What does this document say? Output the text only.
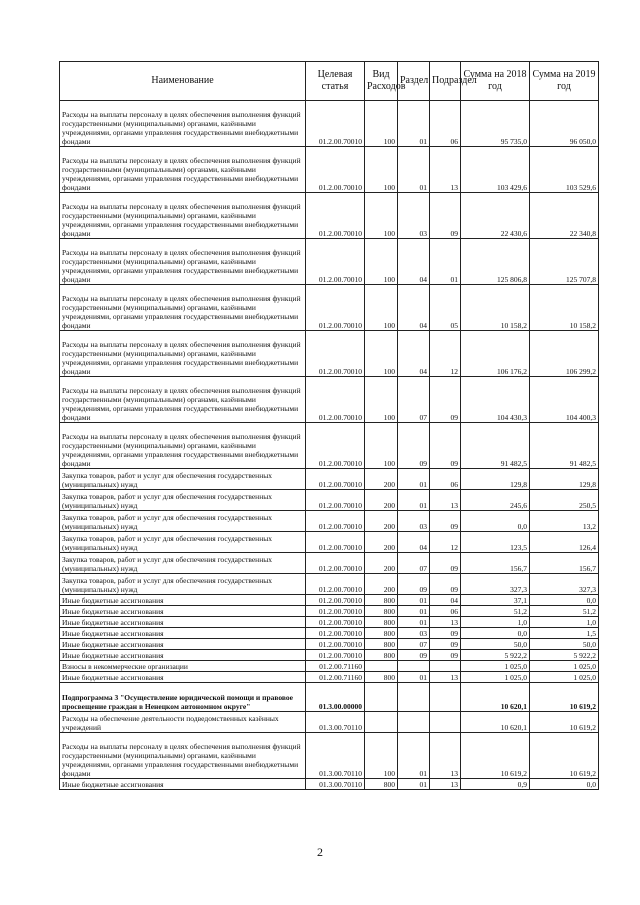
Наименование	Целевая статья	Вид Расходов	Раздел	Подраздел	Сумма на 2018 год	Сумма на 2019 год
Расходы на выплаты персоналу в целях обеспечения выполнения функций государственными (муниципальными) органами, казёнными учреждениями, органами управления государственными внебюджетными фондами	01.2.00.70010	100	01	06	95 735,0	96 050,0
Расходы на выплаты персоналу в целях обеспечения выполнения функций государственными (муниципальными) органами, казёнными учреждениями, органами управления государственными внебюджетными фондами	01.2.00.70010	100	01	13	103 429,6	103 529,6
Расходы на выплаты персоналу в целях обеспечения выполнения функций государственными (муниципальными) органами, казёнными учреждениями, органами управления государственными внебюджетными фондами	01.2.00.70010	100	03	09	22 430,6	22 340,8
Расходы на выплаты персоналу в целях обеспечения выполнения функций государственными (муниципальными) органами, казёнными учреждениями, органами управления государственными внебюджетными фондами	01.2.00.70010	100	04	01	125 806,8	125 707,8
Расходы на выплаты персоналу в целях обеспечения выполнения функций государственными (муниципальными) органами, казёнными учреждениями, органами управления государственными внебюджетными фондами	01.2.00.70010	100	04	05	10 158,2	10 158,2
Расходы на выплаты персоналу в целях обеспечения выполнения функций государственными (муниципальными) органами, казёнными учреждениями, органами управления государственными внебюджетными фондами	01.2.00.70010	100	04	12	106 176,2	106 299,2
Расходы на выплаты персоналу в целях обеспечения выполнения функций государственными (муниципальными) органами, казёнными учреждениями, органами управления государственными внебюджетными фондами	01.2.00.70010	100	07	09	104 430,3	104 400,3
Расходы на выплаты персоналу в целях обеспечения выполнения функций государственными (муниципальными) органами, казёнными учреждениями, органами управления государственными внебюджетными фондами	01.2.00.70010	100	09	09	91 482,5	91 482,5
Закупка товаров, работ и услуг для обеспечения государственных (муниципальных) нужд	01.2.00.70010	200	01	06	129,8	129,8
Закупка товаров, работ и услуг для обеспечения государственных (муниципальных) нужд	01.2.00.70010	200	01	13	245,6	250,5
Закупка товаров, работ и услуг для обеспечения государственных (муниципальных) нужд	01.2.00.70010	200	03	09	0,0	13,2
Закупка товаров, работ и услуг для обеспечения государственных (муниципальных) нужд	01.2.00.70010	200	04	12	123,5	126,4
Закупка товаров, работ и услуг для обеспечения государственных (муниципальных) нужд	01.2.00.70010	200	07	09	156,7	156,7
Закупка товаров, работ и услуг для обеспечения государственных (муниципальных) нужд	01.2.00.70010	200	09	09	327,3	327,3
Иные бюджетные ассигнования	01.2.00.70010	800	01	04	37,1	0,0
Иные бюджетные ассигнования	01.2.00.70010	800	01	06	51,2	51,2
Иные бюджетные ассигнования	01.2.00.70010	800	01	13	1,0	1,0
Иные бюджетные ассигнования	01.2.00.70010	800	03	09	0,0	1,5
Иные бюджетные ассигнования	01.2.00.70010	800	07	09	50,0	50,0
Иные бюджетные ассигнования	01.2.00.70010	800	09	09	5 922,2	5 922,2
Взносы в некоммерческие организации	01.2.00.71160				1 025,0	1 025,0
Иные бюджетные ассигнования	01.2.00.71160	800	01	13	1 025,0	1 025,0
Подпрограмма 3 "Осуществление юридической помощи и правовое просвещение граждан в Ненецком автономном округе"	01.3.00.00000				10 620,1	10 619,2
Расходы на обеспечение деятельности подведомственных казённых учреждений	01.3.00.70110				10 620,1	10 619,2
Расходы на выплаты персоналу в целях обеспечения выполнения функций государственными (муниципальными) органами, казёнными учреждениями, органами управления государственными внебюджетными фондами	01.3.00.70110	100	01	13	10 619,2	10 619,2
Иные бюджетные ассигнования	01.3.00.70110	800	01	13	0,9	0,0
2
